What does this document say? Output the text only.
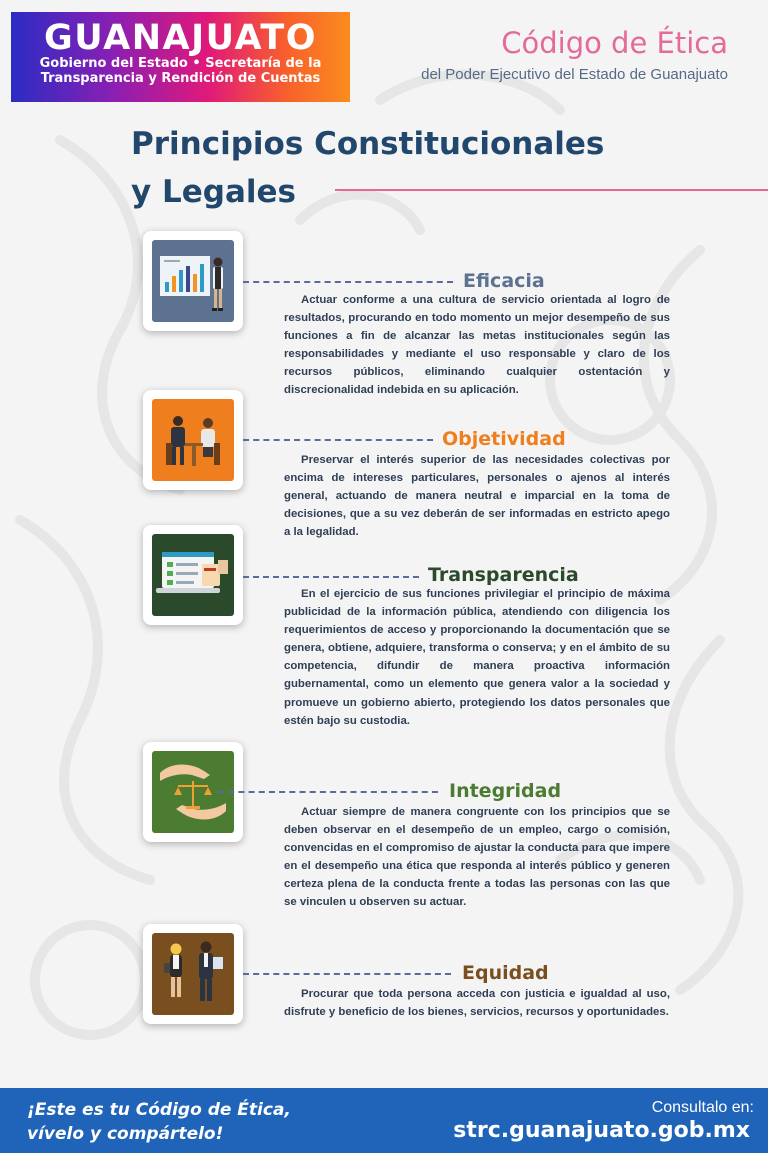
GUANAJUATO
Gobierno del Estado • Secretaría de la
Transparencia y Rendición de Cuentas
Código de Ética
del Poder Ejecutivo del Estado de Guanajuato
Principios Constitucionales
y Legales
Eficacia

Actuar conforme a una cultura de servicio orientada al logro de resultados, procurando en todo momento un mejor desempeño de sus funciones a fin de alcanzar las metas institucionales según las responsabilidades y mediante el uso responsable y claro de los recursos públicos, eliminando cualquier ostentación y discrecionalidad indebida en su aplicación.

Objetividad

Preservar el interés superior de las necesidades colectivas por encima de intereses particulares, personales o ajenos al interés general, actuando de manera neutral e imparcial en la toma de decisiones, que a su vez deberán de ser informadas en estricto apego a la legalidad.

Transparencia

En el ejercicio de sus funciones privilegiar el principio de máxima publicidad de la información pública, atendiendo con diligencia los requerimientos de acceso y proporcionando la documentación que se genera, obtiene, adquiere, transforma o conserva; y en el ámbito de su competencia, difundir de manera proactiva información gubernamental, como un elemento que genera valor a la sociedad y promueve un gobierno abierto, protegiendo los datos personales que estén bajo su custodia.

Integridad

Actuar siempre de manera congruente con los principios que se deben observar en el desempeño de un empleo, cargo o comisión, convencidas en el compromiso de ajustar la conducta para que impere en el desempeño una ética que responda al interés público y generen certeza plena de la conducta frente a todas las personas con las que se vinculen u observen su actuar.

Equidad

Procurar que toda persona acceda con justicia e igualdad al uso, disfrute y beneficio de los bienes, servicios, recursos y oportunidades.

¡Este es tu Código de Ética,
vívelo y compártelo!
Consultalo en:
strc.guanajuato.gob.mx
